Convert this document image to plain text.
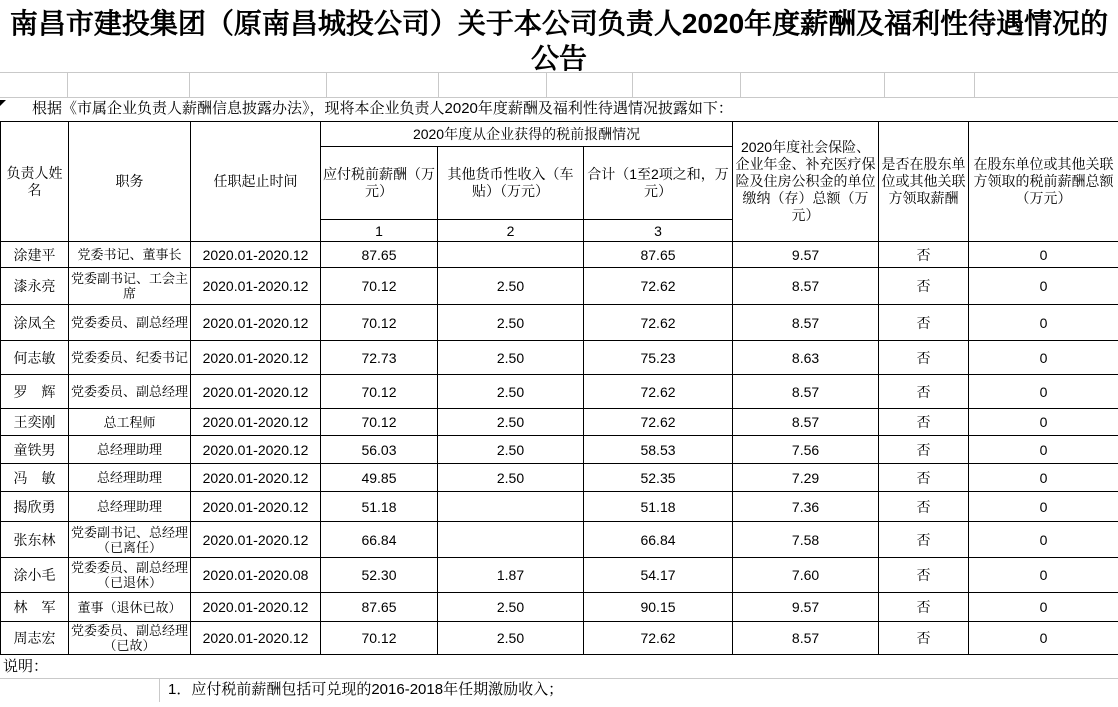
南昌市建投集团（原南昌城投公司）关于本公司负责人2020年度薪酬及福利性待遇情况的公告
根据《市属企业负责人薪酬信息披露办法》，现将本企业负责人2020年度薪酬及福利性待遇情况披露如下：
负责人姓名	职务	任职起止时间	2020年度从企业获得的税前报酬情况			2020年度社会保险、企业年金、补充医疗保险及住房公积金的单位缴纳（存）总额（万元）	是否在股东单位或其他关联方领取薪酬	在股东单位或其他关联方领取的税前薪酬总额（万元）
			应付税前薪酬（万元）	其他货币性收入（车贴）（万元）	合计（1至2项之和，万元）			
			1	2	3			
涂建平	党委书记、董事长	2020.01-2020.12	87.65		87.65	9.57	否	0
漆永亮	党委副书记、工会主席	2020.01-2020.12	70.12	2.50	72.62	8.57	否	0
涂凤全	党委委员、副总经理	2020.01-2020.12	70.12	2.50	72.62	8.57	否	0
何志敏	党委委员、纪委书记	2020.01-2020.12	72.73	2.50	75.23	8.63	否	0
罗　辉	党委委员、副总经理	2020.01-2020.12	70.12	2.50	72.62	8.57	否	0
王奕刚	总工程师	2020.01-2020.12	70.12	2.50	72.62	8.57	否	0
童铁男	总经理助理	2020.01-2020.12	56.03	2.50	58.53	7.56	否	0
冯　敏	总经理助理	2020.01-2020.12	49.85	2.50	52.35	7.29	否	0
揭欣勇	总经理助理	2020.01-2020.12	51.18		51.18	7.36	否	0
张东林	党委副书记、总经理（已离任）	2020.01-2020.12	66.84		66.84	7.58	否	0
涂小毛	党委委员、副总经理（已退休）	2020.01-2020.08	52.30	1.87	54.17	7.60	否	0
林　军	董事（退休已故）	2020.01-2020.12	87.65	2.50	90.15	9.57	否	0
周志宏	党委委员、副总经理（已故）	2020.01-2020.12	70.12	2.50	72.62	8.57	否	0
说明：
1．应付税前薪酬包括可兑现的2016-2018年任期激励收入；
